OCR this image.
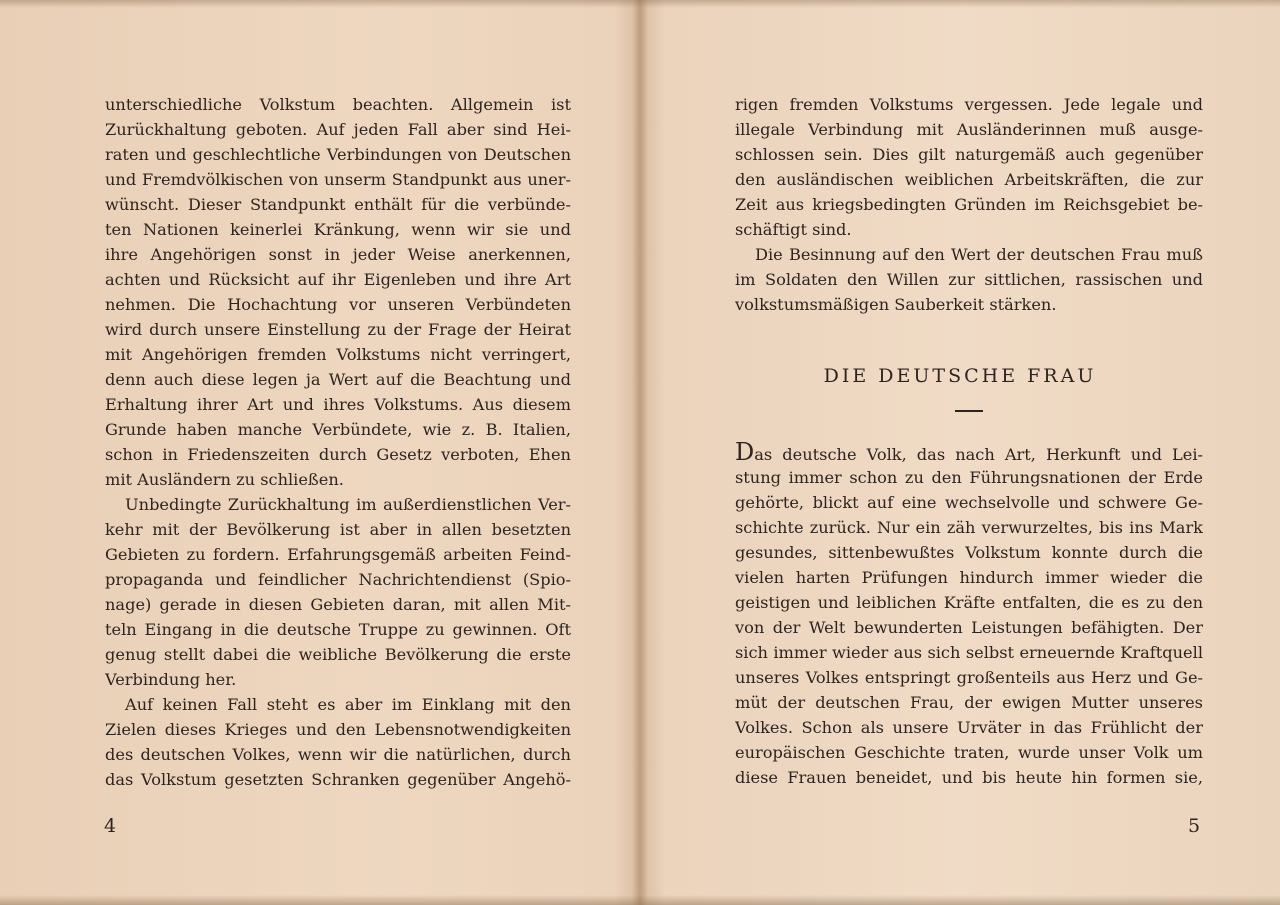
unterschiedliche Volkstum beachten. Allgemein ist
Zurückhaltung geboten. Auf jeden Fall aber sind Hei-
raten und geschlechtliche Verbindungen von Deutschen
und Fremdvölkischen von unserm Standpunkt aus uner-
wünscht. Dieser Standpunkt enthält für die verbünde-
ten Nationen keinerlei Kränkung, wenn wir sie und
ihre Angehörigen sonst in jeder Weise anerkennen,
achten und Rücksicht auf ihr Eigenleben und ihre Art
nehmen. Die Hochachtung vor unseren Verbündeten
wird durch unsere Einstellung zu der Frage der Heirat
mit Angehörigen fremden Volkstums nicht verringert,
denn auch diese legen ja Wert auf die Beachtung und
Erhaltung ihrer Art und ihres Volkstums. Aus diesem
Grunde haben manche Verbündete, wie z. B. Italien,
schon in Friedenszeiten durch Gesetz verboten, Ehen
mit Ausländern zu schließen.
Unbedingte Zurückhaltung im außerdienstlichen Ver-
kehr mit der Bevölkerung ist aber in allen besetzten
Gebieten zu fordern. Erfahrungsgemäß arbeiten Feind-
propaganda und feindlicher Nachrichtendienst (Spio-
nage) gerade in diesen Gebieten daran, mit allen Mit-
teln Eingang in die deutsche Truppe zu gewinnen. Oft
genug stellt dabei die weibliche Bevölkerung die erste
Verbindung her.
Auf keinen Fall steht es aber im Einklang mit den
Zielen dieses Krieges und den Lebensnotwendigkeiten
des deutschen Volkes, wenn wir die natürlichen, durch
das Volkstum gesetzten Schranken gegenüber Angehö-
4
rigen fremden Volkstums vergessen. Jede legale und
illegale Verbindung mit Ausländerinnen muß ausge-
schlossen sein. Dies gilt naturgemäß auch gegenüber
den ausländischen weiblichen Arbeitskräften, die zur
Zeit aus kriegsbedingten Gründen im Reichsgebiet be-
schäftigt sind.
Die Besinnung auf den Wert der deutschen Frau muß
im Soldaten den Willen zur sittlichen, rassischen und
volkstumsmäßigen Sauberkeit stärken.
DIE DEUTSCHE FRAU
Das deutsche Volk, das nach Art, Herkunft und Lei-
stung immer schon zu den Führungsnationen der Erde
gehörte, blickt auf eine wechselvolle und schwere Ge-
schichte zurück. Nur ein zäh verwurzeltes, bis ins Mark
gesundes, sittenbewußtes Volkstum konnte durch die
vielen harten Prüfungen hindurch immer wieder die
geistigen und leiblichen Kräfte entfalten, die es zu den
von der Welt bewunderten Leistungen befähigten. Der
sich immer wieder aus sich selbst erneuernde Kraftquell
unseres Volkes entspringt großenteils aus Herz und Ge-
müt der deutschen Frau, der ewigen Mutter unseres
Volkes. Schon als unsere Urväter in das Frühlicht der
europäischen Geschichte traten, wurde unser Volk um
diese Frauen beneidet, und bis heute hin formen sie,
5
